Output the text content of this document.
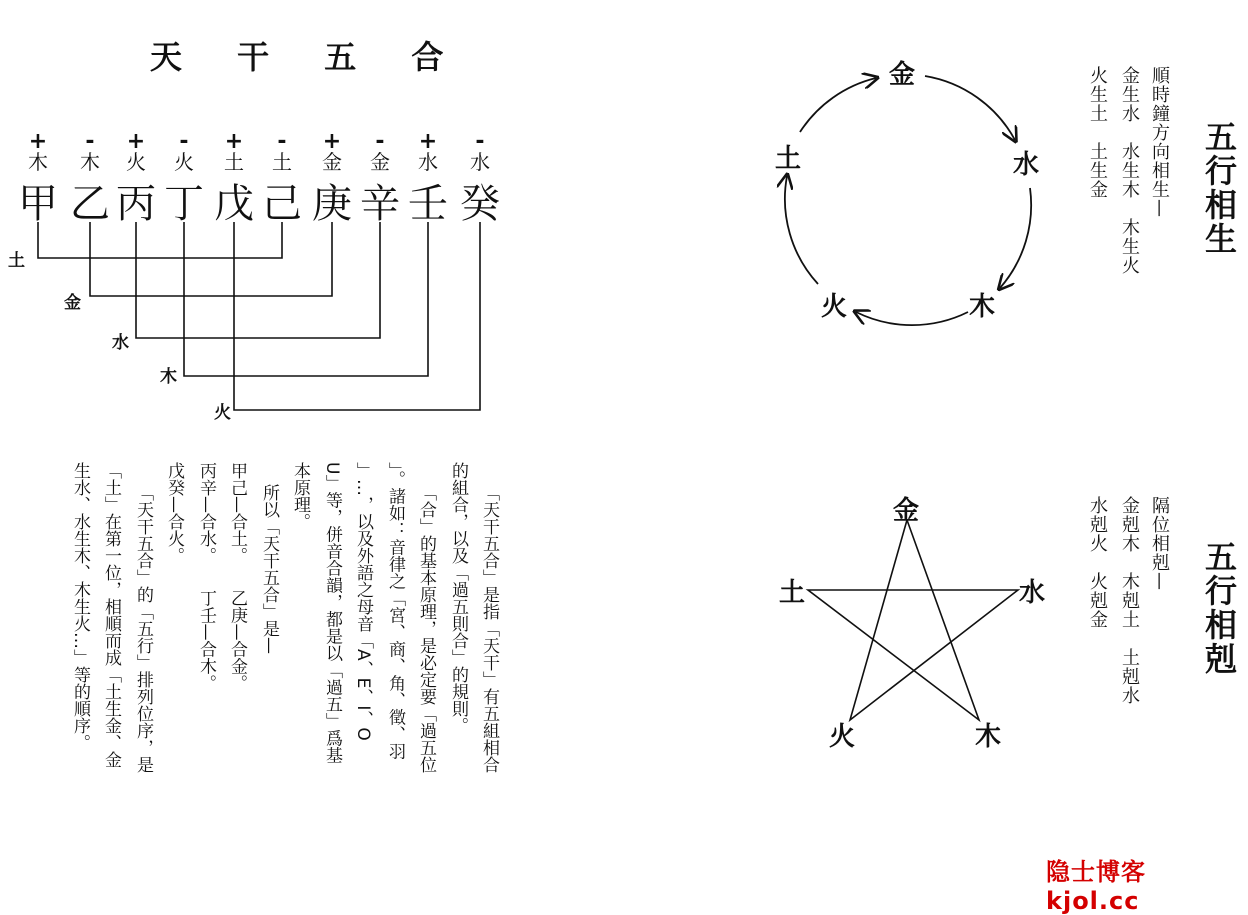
天 干 五 合
+
木
甲
-
木
乙
+
火
丙
-
火
丁
+
土
戊
-
土
己
+
金
庚
-
金
辛
+
水
壬
-
水
癸
土
金
水
木
火
「天干五合」是指「天干」有五組相合
的組合，以及「過五則合」的規則。
「合」的基本原理，是必定要「過五位
」。諸如：音律之「宮、商、角、徵、羽
」…，以及外語之母音「A、E、I、O
U」等，併音合韻，都是以「過五」爲基
本原理。
所以「天干五合」是—
甲己—合土。　　乙庚—合金。
丙辛—合水。　　丁壬—合木。
戊癸—合火。
「天干五合」的「五行」排列位序，是
「土」在第一位，相順而成「土生金、金
生水、水生木、木生火…」等的順序。
金
水
木
火
土	金生水　水生木　木生火
火生土　土生金 順時鐘方向相生— 五行相生
金
水
木
火
土	金剋木　木剋土　土剋水
水剋火　火剋金 隔位相剋— 五行相剋
隐士博客 kjol.cc
